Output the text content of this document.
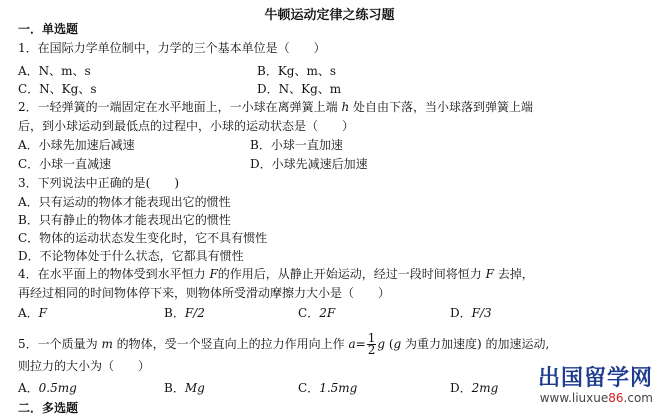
牛顿运动定律之练习题
一．单选题
1．在国际力学单位制中，力学的三个基本单位是（　　）
A．N、m、s	B．Kg、m、s
C．N、Kg、s	D．N、Kg、m
2．一轻弹簧的一端固定在水平地面上，一小球在离弹簧上端 h 处自由下落，当小球落到弹簧上端
后，到小球运动到最低点的过程中，小球的运动状态是（　　）
A．小球先加速后减速	B．小球一直加速
C．小球一直减速	D．小球先减速后加速
3．下列说法中正确的是(　　)
A．只有运动的物体才能表现出它的惯性
B．只有静止的物体才能表现出它的惯性
C．物体的运动状态发生变化时，它不具有惯性
D．不论物体处于什么状态，它都具有惯性
4．在水平面上的物体受到水平恒力 F的作用后，从静止开始运动，经过一段时间将恒力 F 去掉，
再经过相同的时间物体停下来，则物体所受滑动摩擦力大小是（　　）
A．F	B．F/2	C．2F	D．F/3
5．一个质量为 m 的物体，受一个竖直向上的拉力作用向上作 $a= \frac{1}{2}$ g (g 为重力加速度) 的加速运动,
则拉力的大小为（　　）
A．0.5mg	B．Mg	C．1.5mg	D．2mg
二．多选题
出国留学网
www.liuxue86.com
